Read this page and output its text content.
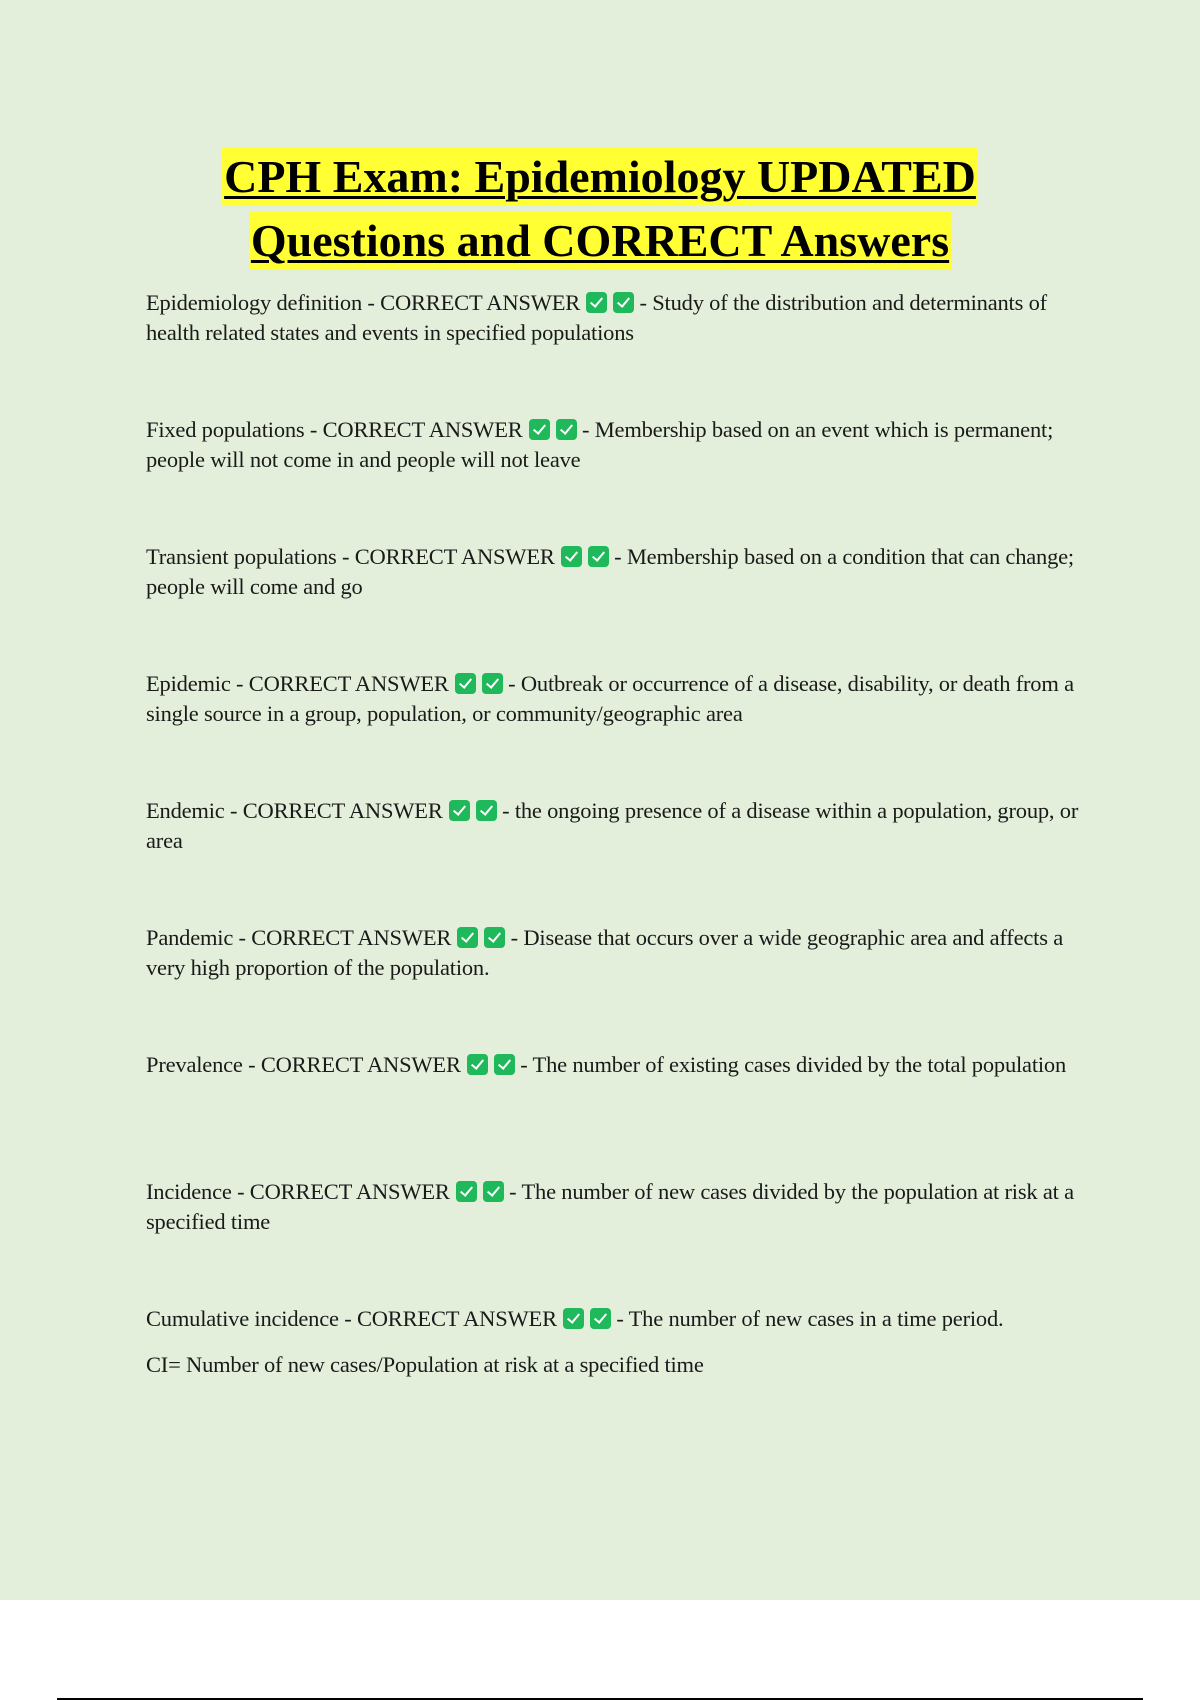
CPH Exam: Epidemiology UPDATED
Questions and CORRECT Answers
Epidemiology definition - CORRECT ANSWER - Study of the distribution and determinants of health related states and events in specified populations
Fixed populations - CORRECT ANSWER - Membership based on an event which is permanent; people will not come in and people will not leave
Transient populations - CORRECT ANSWER - Membership based on a condition that can change; people will come and go
Epidemic - CORRECT ANSWER - Outbreak or occurrence of a disease, disability, or death from a single source in a group, population, or community/geographic area
Endemic - CORRECT ANSWER - the ongoing presence of a disease within a population, group, or area
Pandemic - CORRECT ANSWER - Disease that occurs over a wide geographic area and affects a very high proportion of the population.
Prevalence - CORRECT ANSWER - The number of existing cases divided by the total population
Incidence - CORRECT ANSWER - The number of new cases divided by the population at risk at a specified time
Cumulative incidence - CORRECT ANSWER - The number of new cases in a time period.
CI= Number of new cases/Population at risk at a specified time
